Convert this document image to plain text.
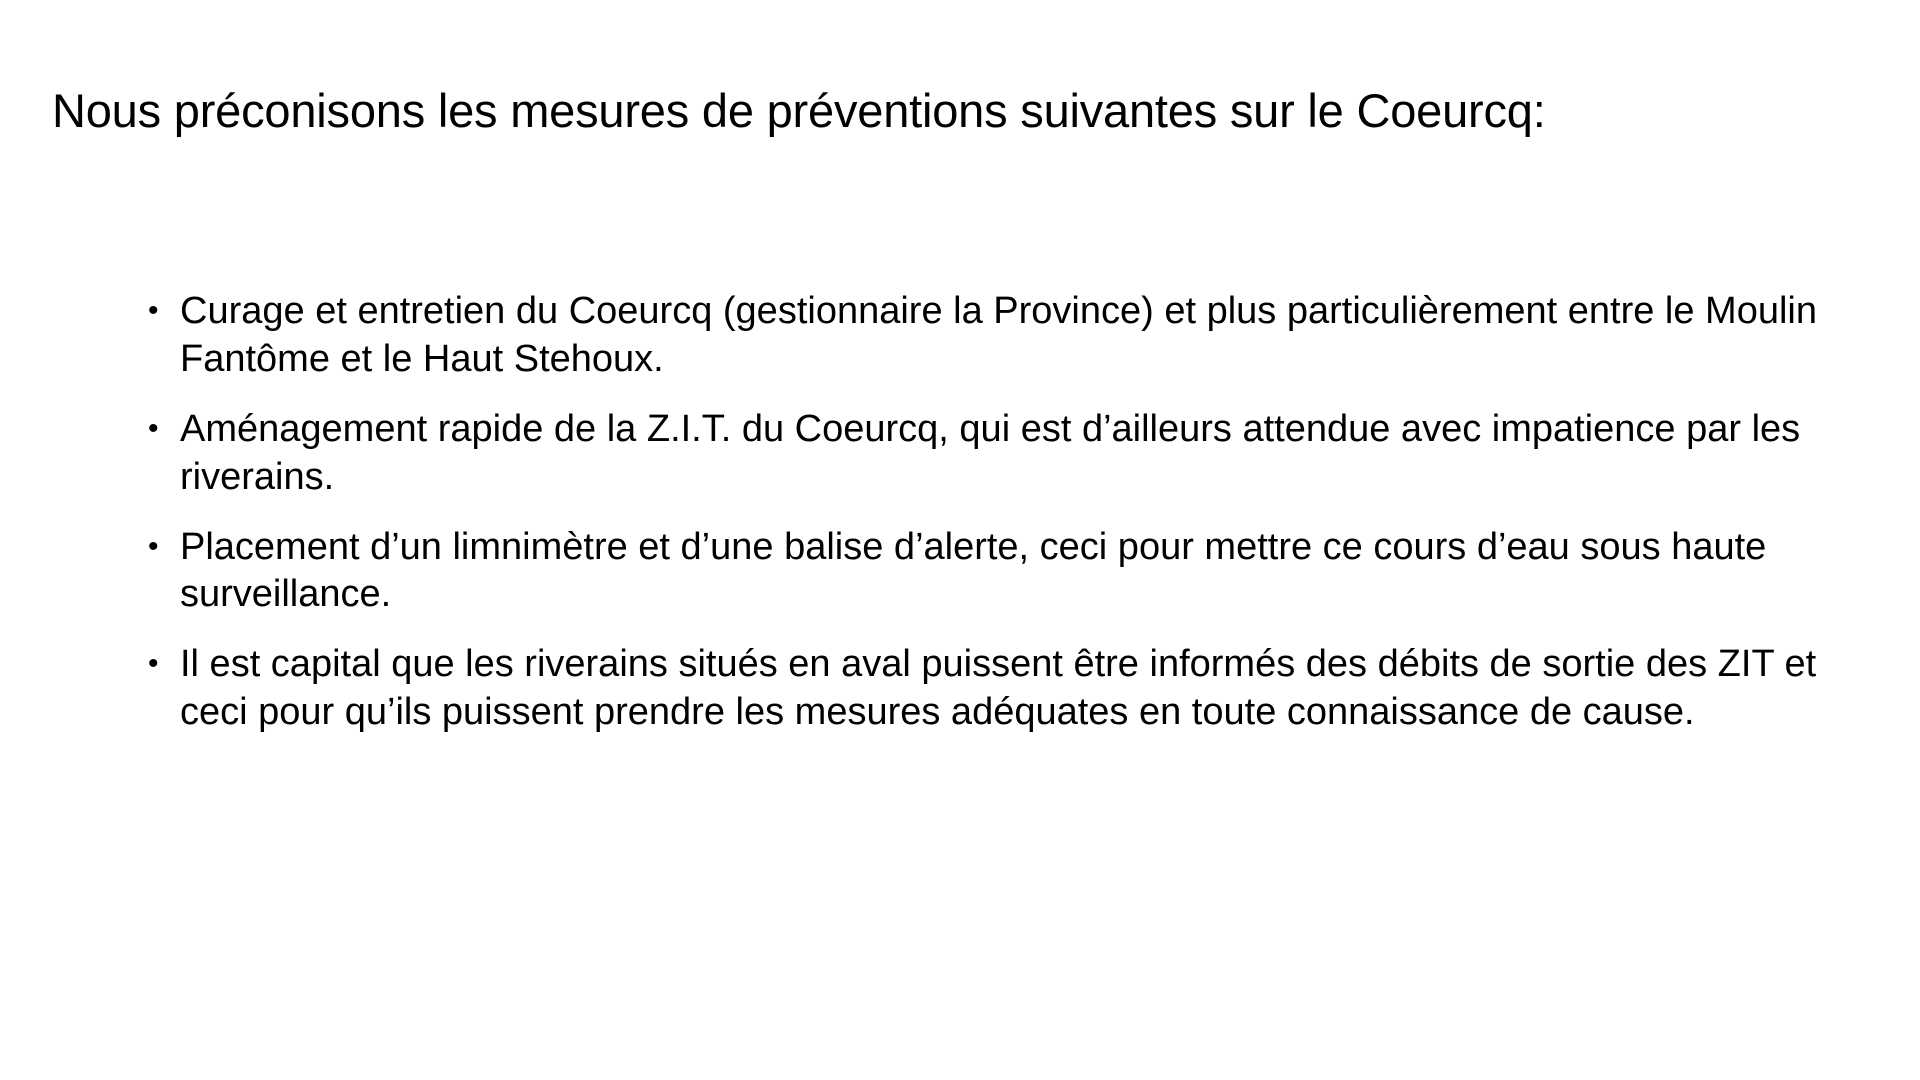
Nous préconisons les mesures de préventions suivantes sur le Coeurcq:
• Curage et entretien du Coeurcq (gestionnaire la Province) et plus particulièrement entre le Moulin Fantôme et le Haut Stehoux.
• Aménagement rapide de la Z.I.T. du Coeurcq, qui est d’ailleurs attendue avec impatience par les riverains.
• Placement d’un limnimètre et d’une balise d’alerte, ceci pour mettre ce cours d’eau sous haute surveillance.
• Il est capital que les riverains situés en aval puissent être informés des débits de sortie des ZIT et ceci pour qu’ils puissent prendre les mesures adéquates en toute connaissance de cause.
